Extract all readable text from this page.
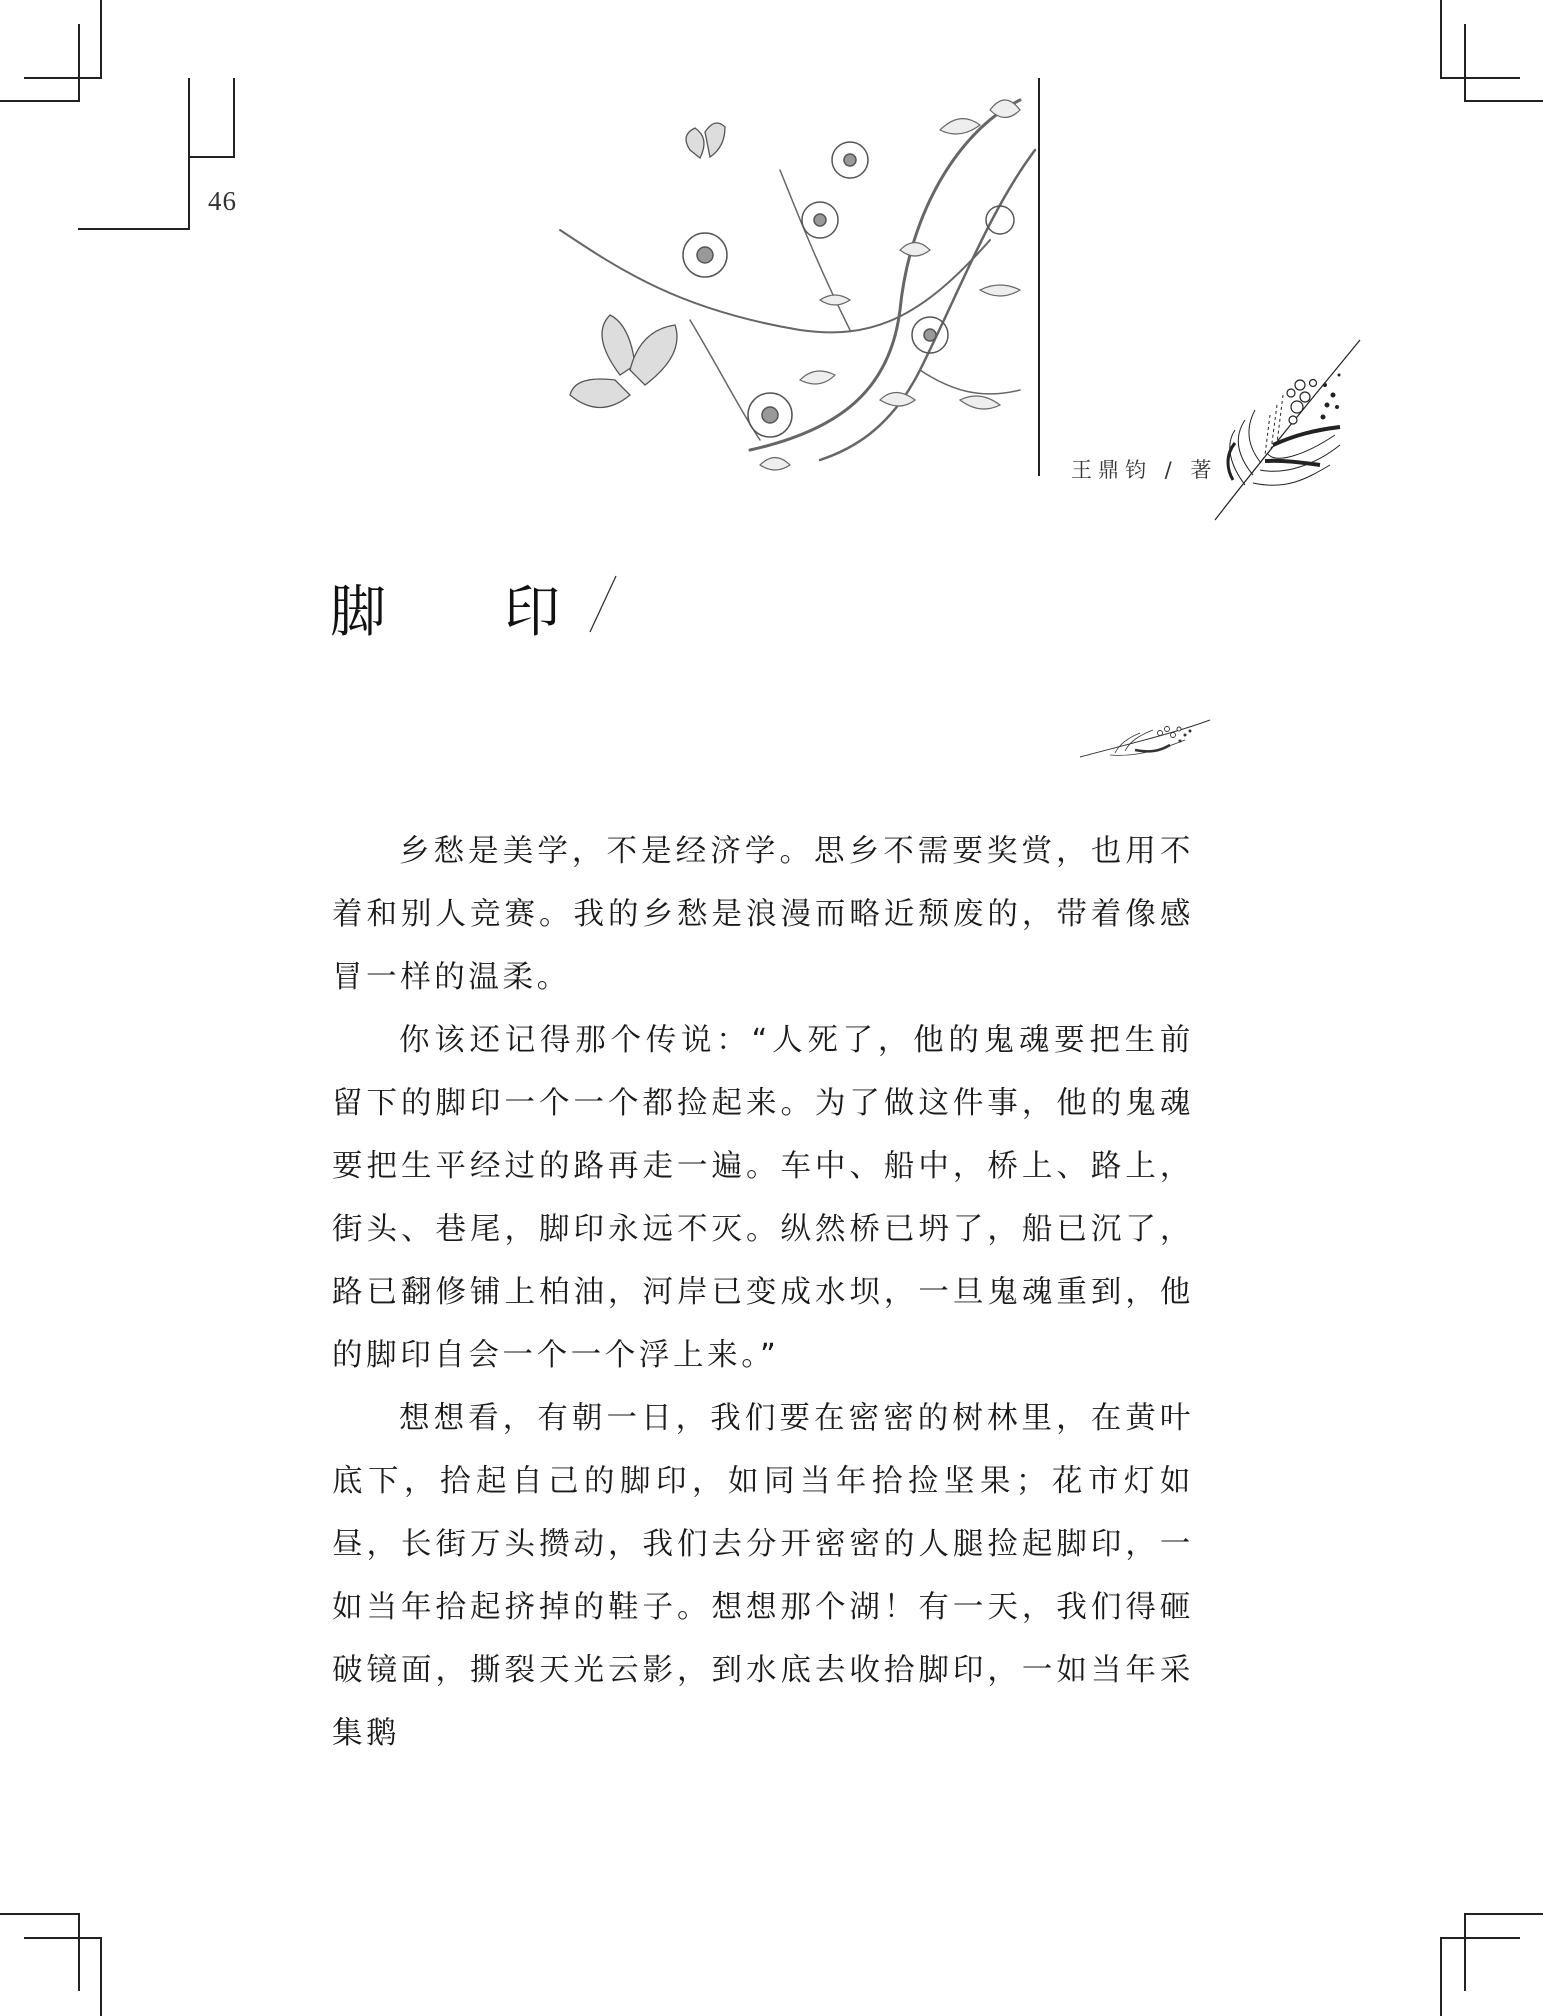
46
王鼎钧 / 著
脚 印

乡愁是美学，不是经济学。思乡不需要奖赏，也用不着和别人竞赛。我的乡愁是浪漫而略近颓废的，带着像感冒一样的温柔。

你该还记得那个传说：“人死了，他的鬼魂要把生前留下的脚印一个一个都捡起来。为了做这件事，他的鬼魂要把生平经过的路再走一遍。车中、船中，桥上、路上，街头、巷尾，脚印永远不灭。纵然桥已坍了，船已沉了，路已翻修铺上柏油，河岸已变成水坝，一旦鬼魂重到，他的脚印自会一个一个浮上来。”

想想看，有朝一日，我们要在密密的树林里，在黄叶底下，拾起自己的脚印，如同当年拾捡坚果；花市灯如昼，长街万头攒动，我们去分开密密的人腿捡起脚印，一如当年拾起挤掉的鞋子。想想那个湖！有一天，我们得砸破镜面，撕裂天光云影，到水底去收拾脚印，一如当年采集鹅
